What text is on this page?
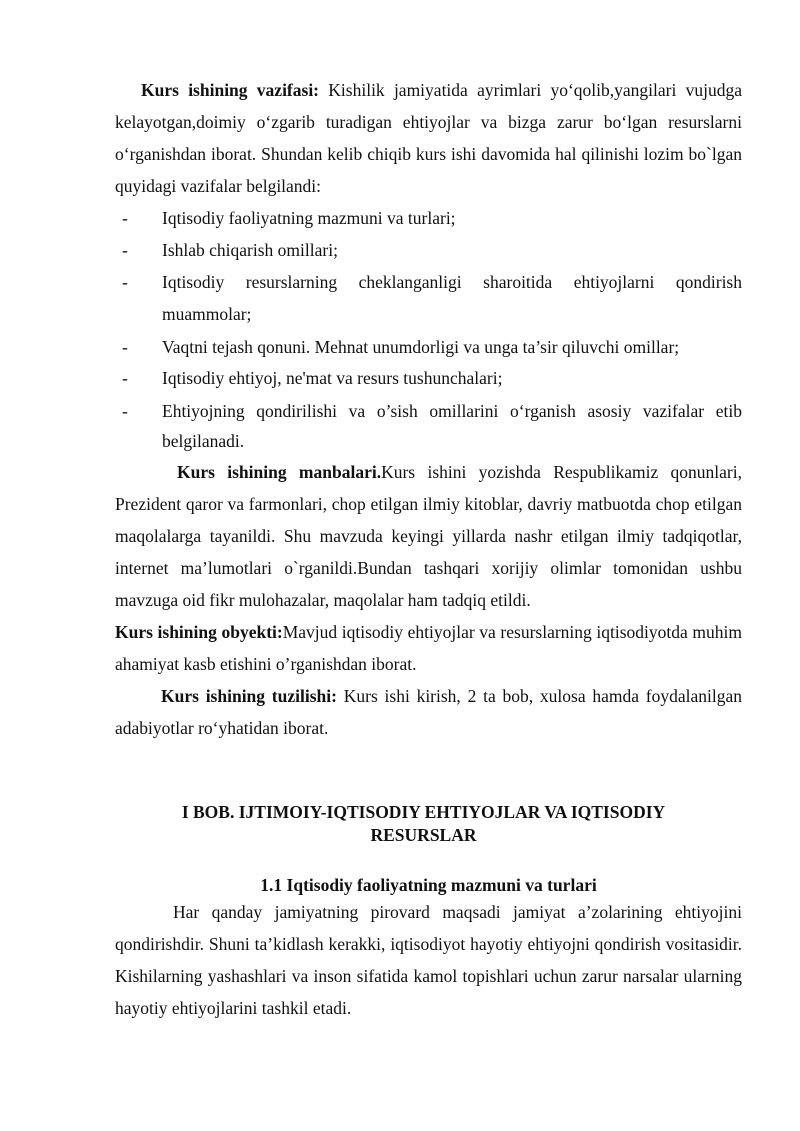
Kurs ishining vazifasi: Kishilik jamiyatida ayrimlari yo‘qolib,yangilari vujudga kelayotgan,doimiy o‘zgarib turadigan ehtiyojlar va bizga zarur bo‘lgan resurslarni o‘rganishdan iborat. Shundan kelib chiqib kurs ishi davomida hal qilinishi lozim bo`lgan quyidagi vazifalar belgilandi:

- Iqtisodiy faoliyatning mazmuni va turlari;
- Ishlab chiqarish omillari;
- Iqtisodiy resurslarning cheklanganligi sharoitida ehtiyojlarni qondirish muammolar;
- Vaqtni tejash qonuni. Mehnat unumdorligi va unga ta’sir qiluvchi omillar;
- Iqtisodiy ehtiyoj, ne'mat va resurs tushunchalari;
- Ehtiyojning qondirilishi va o’sish omillarini o‘rganish asosiy vazifalar etib belgilanadi.

Kurs ishining manbalari.Kurs ishini yozishda Respublikamiz qonunlari, Prezident qaror va farmonlari, chop etilgan ilmiy kitoblar, davriy matbuotda chop etilgan maqolalarga tayanildi. Shu mavzuda keyingi yillarda nashr etilgan ilmiy tadqiqotlar, internet ma’lumotlari o`rganildi.Bundan tashqari xorijiy olimlar tomonidan ushbu mavzuga oid fikr mulohazalar, maqolalar ham tadqiq etildi.

Kurs ishining obyekti:Mavjud iqtisodiy ehtiyojlar va resurslarning iqtisodiyotda muhim ahamiyat kasb etishini o’rganishdan iborat.

Kurs ishining tuzilishi: Kurs ishi kirish, 2 ta bob, xulosa hamda foydalanilgan adabiyotlar ro‘yhatidan iborat.

I BOB. IJTIMOIY-IQTISODIY EHTIYOJLAR VA IQTISODIY RESURSLAR
1.1 Iqtisodiy faoliyatning mazmuni va turlari

Har qanday jamiyatning pirovard maqsadi jamiyat a’zolarining ehtiyojini qondirishdir. Shuni ta’kidlash kerakki, iqtisodiyot hayotiy ehtiyojni qondirish vositasidir. Kishilarning yashashlari va inson sifatida kamol topishlari uchun zarur narsalar ularning hayotiy ehtiyojlarini tashkil etadi.
